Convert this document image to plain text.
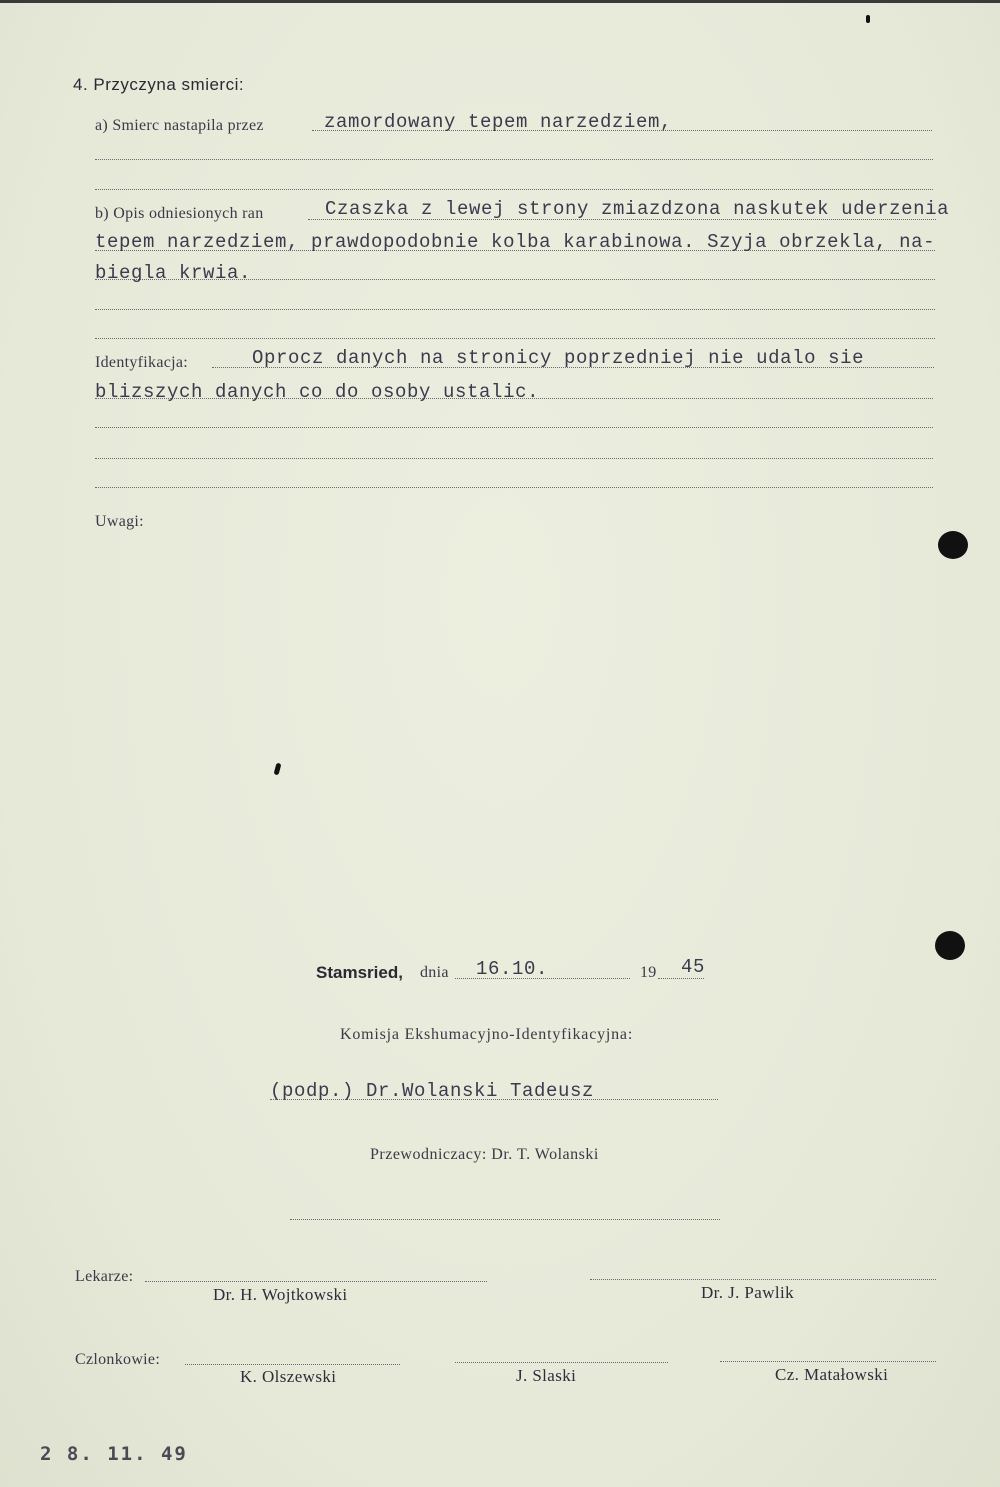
4. Przyczyna smierci:
a) Smierc nastapila przez	zamordowany tepem narzedziem,
b) Opis odniesionych ran	Czaszka z lewej strony zmiazdzona naskutek uderzenia
tepem narzedziem, prawdopodobnie kolba karabinowa. Szyja obrzekla, na-
biegla krwia.
Identyfikacja:	Oprocz danych na stronicy poprzedniej nie udalo sie
blizszych danych co do osoby ustalic.
Uwagi:
Stamsried, dnia 16.10.	19 45
Komisja Ekshumacyjno-Identyfikacyjna:
(podp.) Dr.Wolanski Tadeusz
Przewodniczacy: Dr. T. Wolanski
Lekarze:
Dr. H. Wojtkowski	Dr. J. Pawlik
Czlonkowie:
K. Olszewski	J. Slaski	Cz. Matałowski
2 8. 11. 49
